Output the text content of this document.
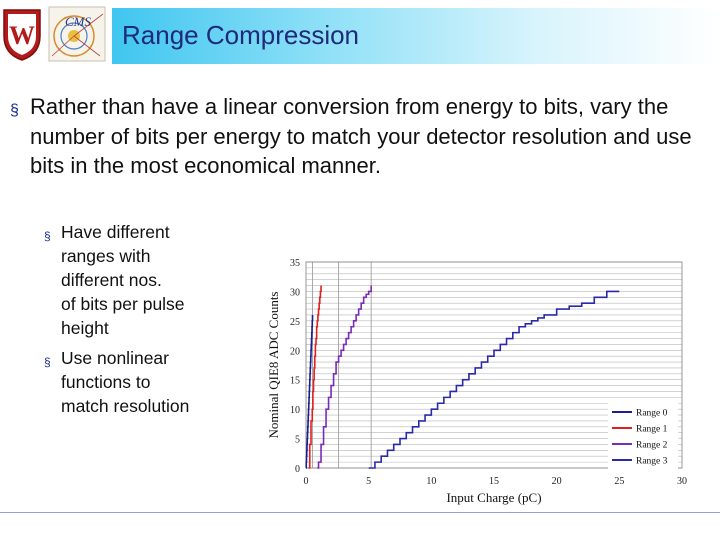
W CMS Range Compression
§ Rather than have a linear conversion from energy to bits, vary the number of bits per energy to match your detector resolution and use bits in the most economical manner.
§ Have different
ranges with
different nos.
of bits per pulse
height
§ Use nonlinear
functions to
match resolution
0
5
10
15
20
25
30
35
0	5	10	15	20	25	30
Input Charge (pC)
Nominal QIE8 ADC Counts	Range 0
Range 1
Range 2
Range 3
